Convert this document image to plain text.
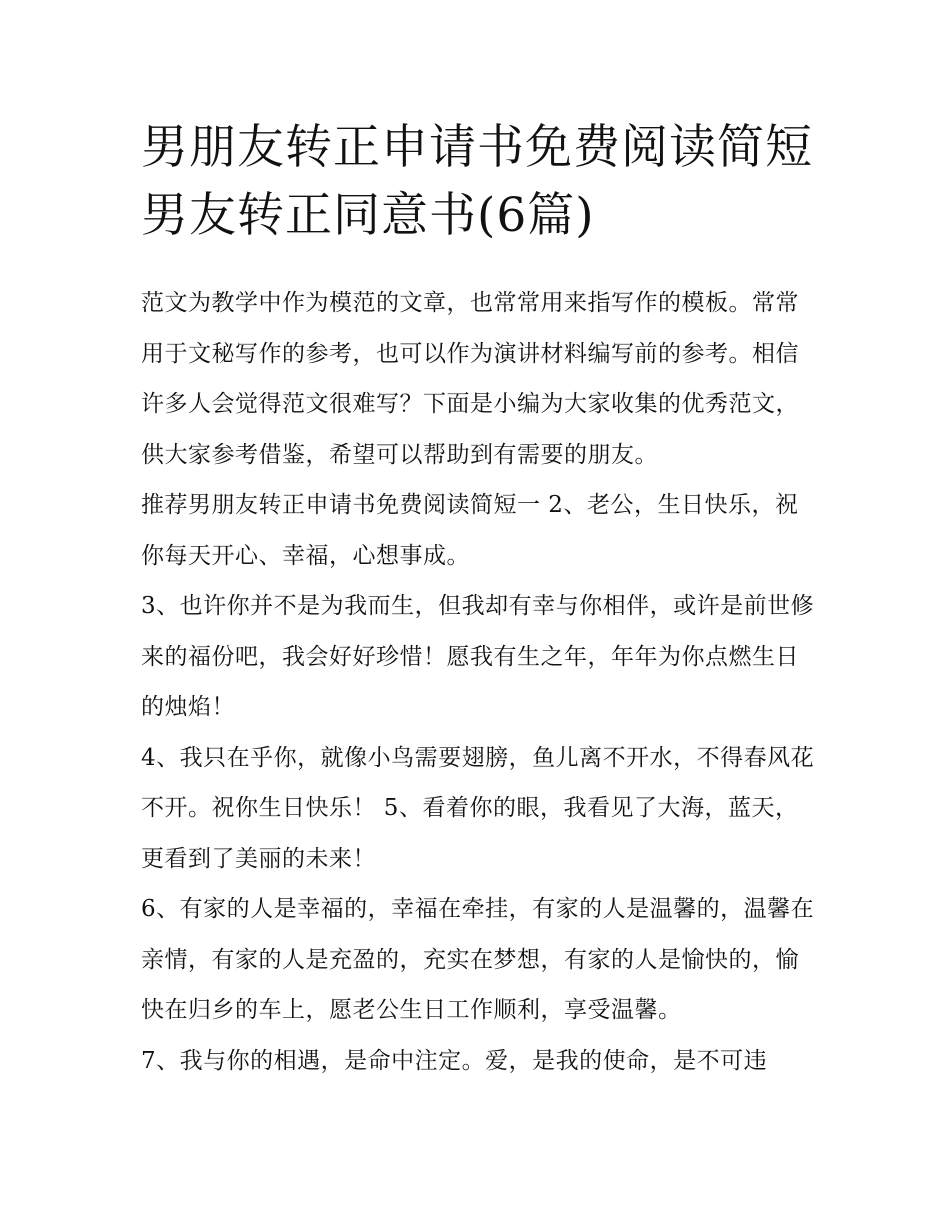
男朋友转正申请书免费阅读简短 男友转正同意书(6篇)

范文为教学中作为模范的文章，也常常用来指写作的模板。常常用于文秘写作的参考，也可以作为演讲材料编写前的参考。相信许多人会觉得范文很难写？下面是小编为大家收集的优秀范文，供大家参考借鉴，希望可以帮助到有需要的朋友。

推荐男朋友转正申请书免费阅读简短一 2、老公，生日快乐，祝你每天开心、幸福，心想事成。

3、也许你并不是为我而生，但我却有幸与你相伴，或许是前世修来的福份吧，我会好好珍惜！愿我有生之年，年年为你点燃生日的烛焰！

4、我只在乎你，就像小鸟需要翅膀，鱼儿离不开水，不得春风花不开。祝你生日快乐！ 5、看着你的眼，我看见了大海，蓝天，更看到了美丽的未来！

6、有家的人是幸福的，幸福在牵挂，有家的人是温馨的，温馨在亲情，有家的人是充盈的，充实在梦想，有家的人是愉快的，愉快在归乡的车上，愿老公生日工作顺利，享受温馨。

7、我与你的相遇，是命中注定。爱，是我的使命，是不可违
